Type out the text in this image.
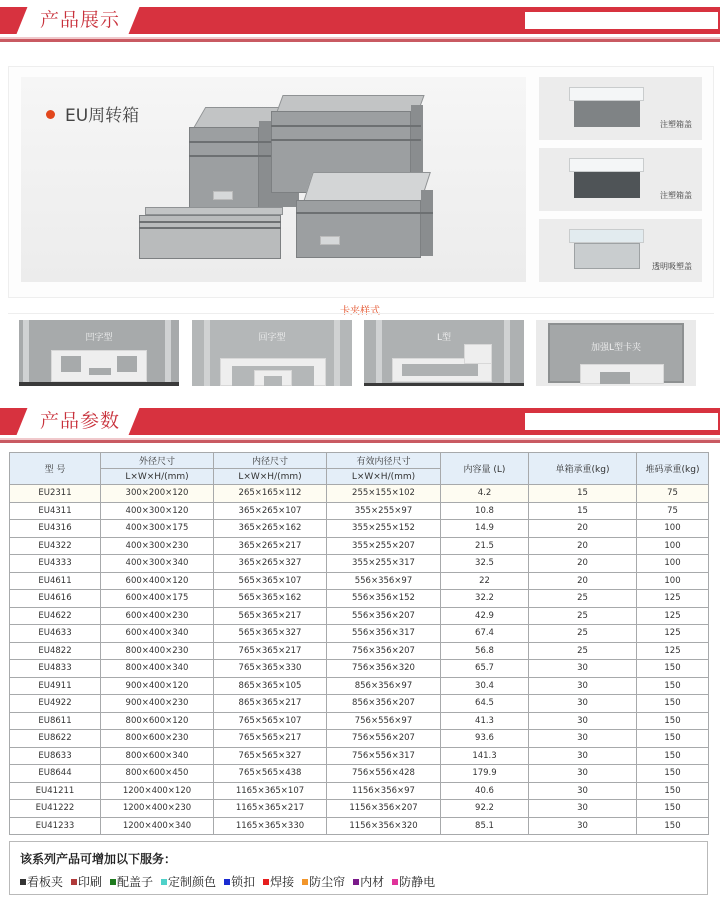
产品展示
EU周转箱	注塑箱盖
注塑箱盖
透明吸塑盖
卡夹样式
凹字型	回字型	L型
加强L型卡夹
产品参数
型 号	外径尺寸	内径尺寸	有效内径尺寸	内容量 (L)	单箱承重(kg)	堆码承重(kg)
	L×W×H/(mm)	L×W×H/(mm)	L×W×H/(mm)			
EU2311	300×200×120	265×165×112	255×155×102	4.2	15	75
EU4311	400×300×120	365×265×107	355×255×97	10.8	15	75
EU4316	400×300×175	365×265×162	355×255×152	14.9	20	100
EU4322	400×300×230	365×265×217	355×255×207	21.5	20	100
EU4333	400×300×340	365×265×327	355×255×317	32.5	20	100
EU4611	600×400×120	565×365×107	556×356×97	22	20	100
EU4616	600×400×175	565×365×162	556×356×152	32.2	25	125
EU4622	600×400×230	565×365×217	556×356×207	42.9	25	125
EU4633	600×400×340	565×365×327	556×356×317	67.4	25	125
EU4822	800×400×230	765×365×217	756×356×207	56.8	25	125
EU4833	800×400×340	765×365×330	756×356×320	65.7	30	150
EU4911	900×400×120	865×365×105	856×356×97	30.4	30	150
EU4922	900×400×230	865×365×217	856×356×207	64.5	30	150
EU8611	800×600×120	765×565×107	756×556×97	41.3	30	150
EU8622	800×600×230	765×565×217	756×556×207	93.6	30	150
EU8633	800×600×340	765×565×327	756×556×317	141.3	30	150
EU8644	800×600×450	765×565×438	756×556×428	179.9	30	150
EU41211	1200×400×120	1165×365×107	1156×356×97	40.6	30	150
EU41222	1200×400×230	1165×365×217	1156×356×207	92.2	30	150
EU41233	1200×400×340	1165×365×330	1156×356×320	85.1	30	150
该系列产品可增加以下服务：
看板夹 印刷 配盖子 定制颜色 锁扣 焊接 防尘帘 内材 防静电
